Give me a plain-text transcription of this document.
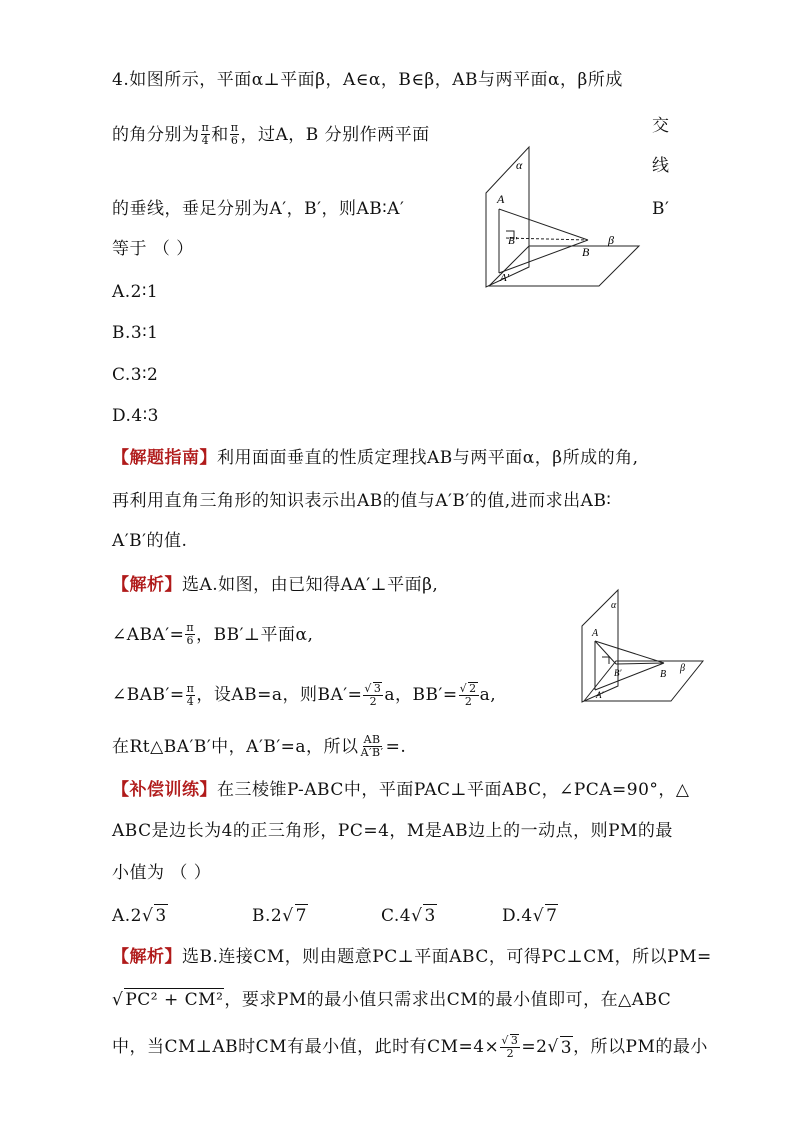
4.如图所示，平面α⊥平面β，A∈α，B∈β，AB与两平面α，β所成
的角分别为 $\frac{\pi}{4}$ 和 $\frac{\pi}{6}$ ，过A，B 分别作两平面	交
线
B′
的垂线，垂足分别为A′，B′，则AB∶A′
等于 （ ）
A.2∶1
B.3∶1
C.3∶2
D.4∶3
α
β
A
B
B′
A′
【解题指南】利用面面垂直的性质定理找AB与两平面α，β所成的角,
再利用直角三角形的知识表示出AB的值与A′B′的值,进而求出AB∶
A′B′的值.
【解析】选A.如图，由已知得AA′⊥平面β,
∠ABA′= $\frac{\pi}{6}$ ，BB′⊥平面α,
∠BAB′= $\frac{\pi}{4}$ ，设AB=a，则$BA'= \frac{√ 3}{2}$ a，$BB'= \frac{√ 2}{2} a$,
在Rt△BA′B′中，A′B′=a，所以 $\frac{AB}{A'B'}$ =.
α
β
A
B
B′
A′
【补偿训练】在三棱锥P-ABC中，平面PAC⊥平面ABC，∠PCA=90°，△
ABC是边长为4的正三角形，PC=4，M是AB边上的一动点，则PM的最
小值为 （ ）
A.2√ 3	B.2√ 7	C.4√ 3	D.4√ 7
【解析】选B.连接CM，则由题意PC⊥平面ABC，可得PC⊥CM，所以PM=
√ PC² + CM²，要求PM的最小值只需求出CM的最小值即可，在△ABC
中，当CM⊥AB时CM有最小值，此时有$CM=4\times \frac{√ 3}{2} =2$ √ 3 ，所以PM的最小
